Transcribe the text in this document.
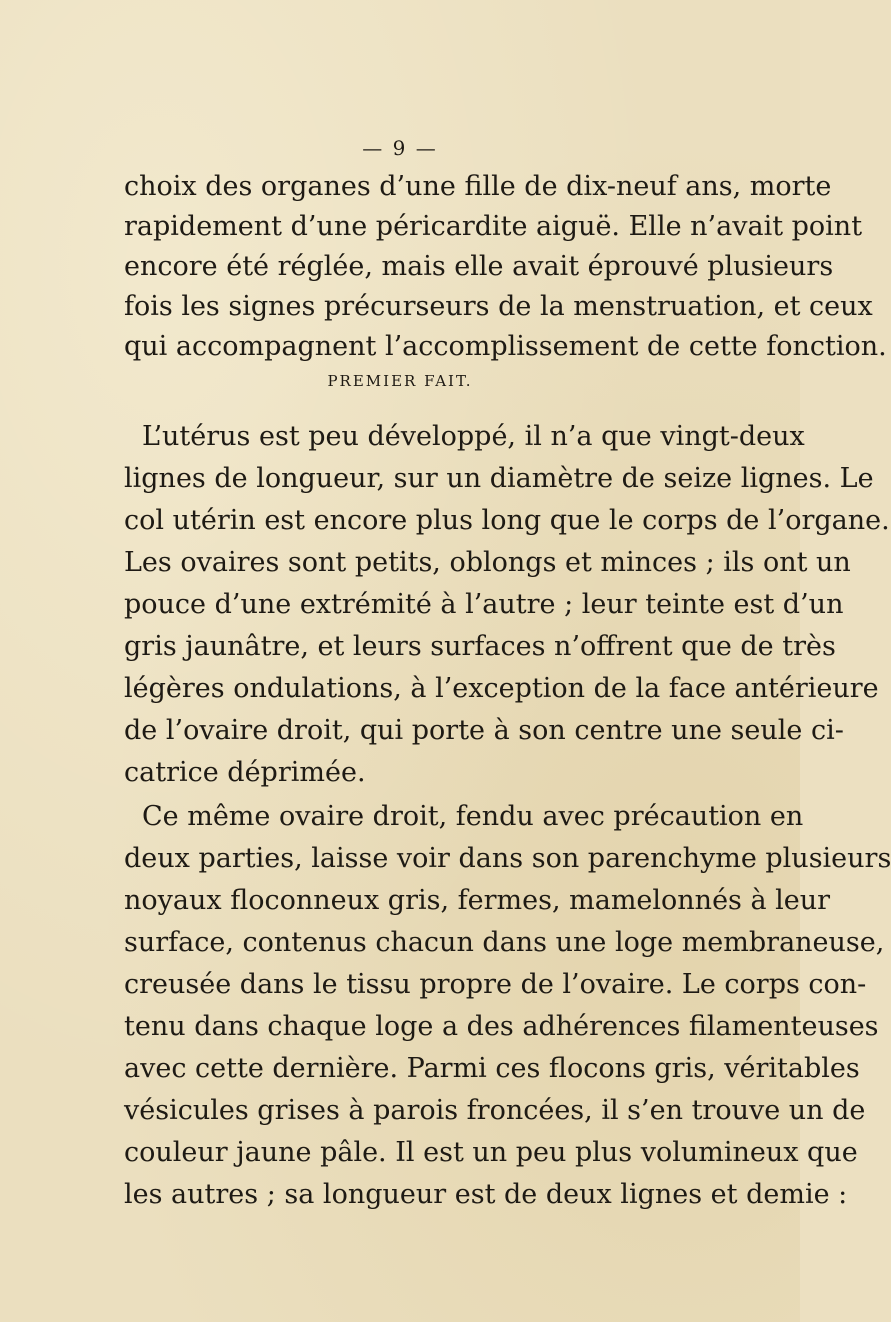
— 9 —
choix des organes d’une fille de dix-neuf ans, morte
rapidement d’une péricardite aiguë. Elle n’avait point
encore été réglée, mais elle avait éprouvé plusieurs
fois les signes précurseurs de la menstruation, et ceux
qui accompagnent l’accomplissement de cette fonction.
PREMIER FAIT.
L’utérus est peu développé, il n’a que vingt-deux
lignes de longueur, sur un diamètre de seize lignes. Le
col utérin est encore plus long que le corps de l’organe.
Les ovaires sont petits, oblongs et minces ; ils ont un
pouce d’une extrémité à l’autre ; leur teinte est d’un
gris jaunâtre, et leurs surfaces n’offrent que de très
légères ondulations, à l’exception de la face antérieure
de l’ovaire droit, qui porte à son centre une seule ci-
catrice déprimée.
Ce même ovaire droit, fendu avec précaution en
deux parties, laisse voir dans son parenchyme plusieurs
noyaux floconneux gris, fermes, mamelonnés à leur
surface, contenus chacun dans une loge membraneuse,
creusée dans le tissu propre de l’ovaire. Le corps con-
tenu dans chaque loge a des adhérences filamenteuses
avec cette dernière. Parmi ces flocons gris, véritables
vésicules grises à parois froncées, il s’en trouve un de
couleur jaune pâle. Il est un peu plus volumineux que
les autres ; sa longueur est de deux lignes et demie :
